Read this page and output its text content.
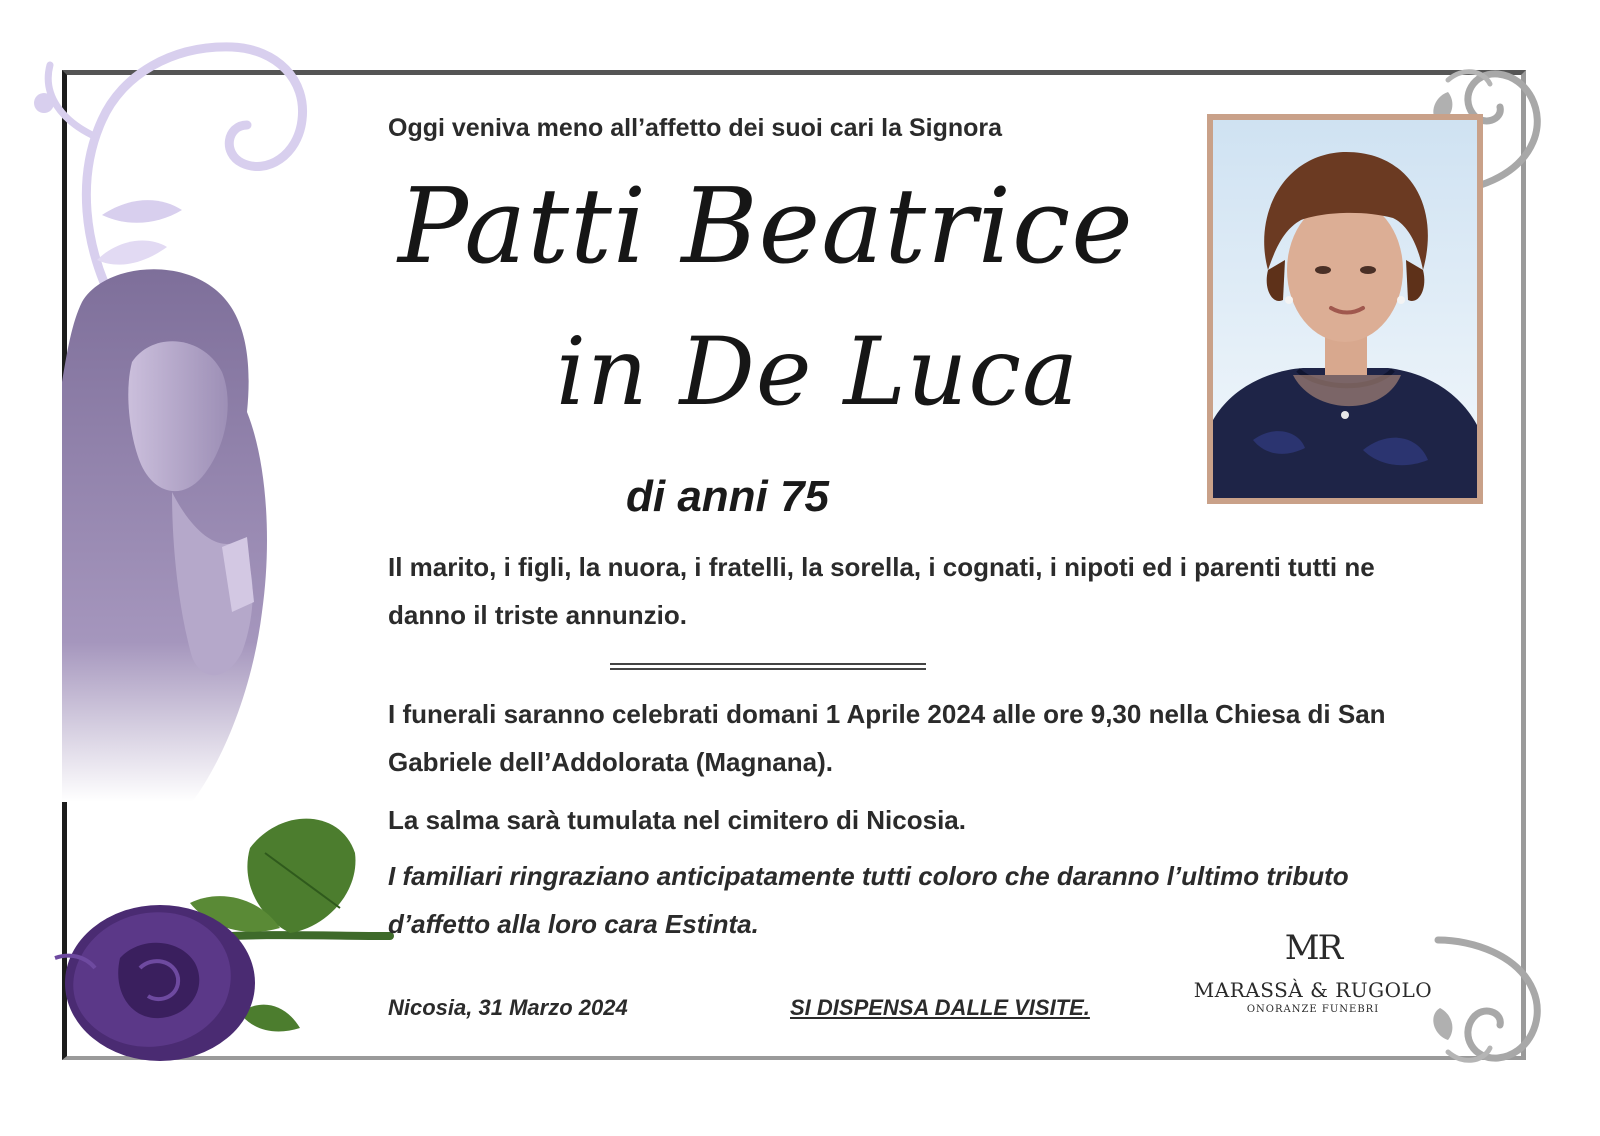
Oggi veniva meno all’affetto dei suoi cari la Signora

Patti Beatrice

in De Luca

di anni 75

Il marito, i figli, la nuora, i fratelli, la sorella, i cognati, i nipoti ed i parenti tutti ne danno il triste annunzio.

I funerali saranno celebrati domani 1 Aprile 2024 alle ore 9,30 nella Chiesa di San Gabriele dell’Addolorata (Magnana).

La salma sarà tumulata nel cimitero di Nicosia.

I familiari ringraziano anticipatamente tutti coloro che daranno l’ultimo tributo d’affetto alla loro cara Estinta.

Nicosia, 31 Marzo 2024	SI DISPENSA DALLE VISITE.

MR
MARASSÀ & RUGOLO
ONORANZE FUNEBRI
